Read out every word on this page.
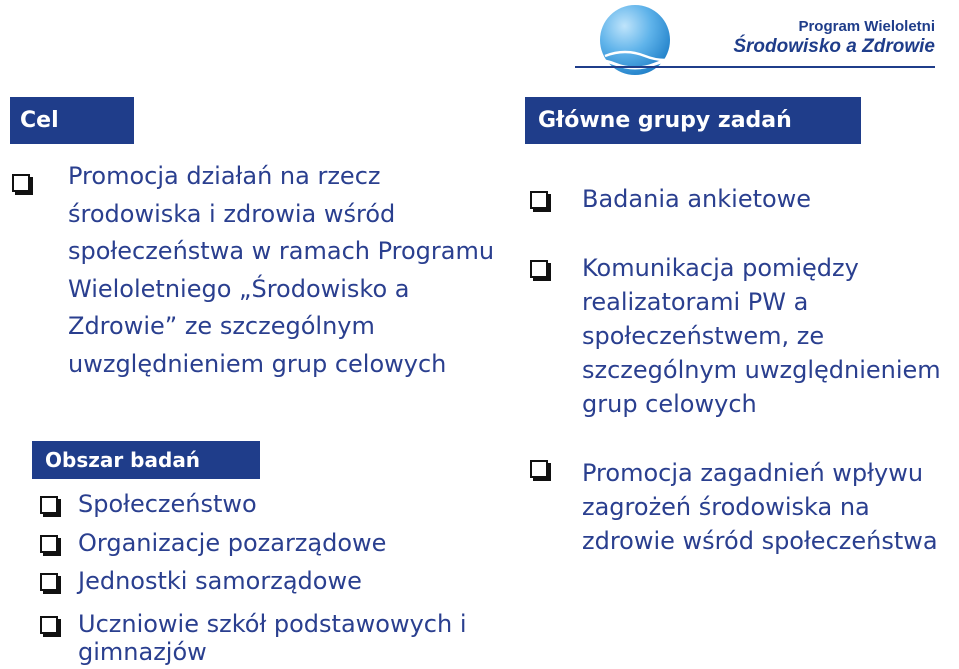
Program Wieloletni
Środowisko a Zdrowie
Cel
Promocja działań na rzecz
środowiska i zdrowia wśród
społeczeństwa w ramach Programu
Wieloletniego „Środowisko a
Zdrowie” ze szczególnym
uwzględnieniem grup celowych
Obszar badań
Społeczeństwo
Organizacje pozarządowe
Jednostki samorządowe
Uczniowie szkół podstawowych i
gimnazjów
Główne grupy zadań
Badania ankietowe
Komunikacja pomiędzy
realizatorami PW a
społeczeństwem, ze
szczególnym uwzględnieniem
grup celowych
Promocja zagadnień wpływu
zagrożeń środowiska na
zdrowie wśród społeczeństwa
